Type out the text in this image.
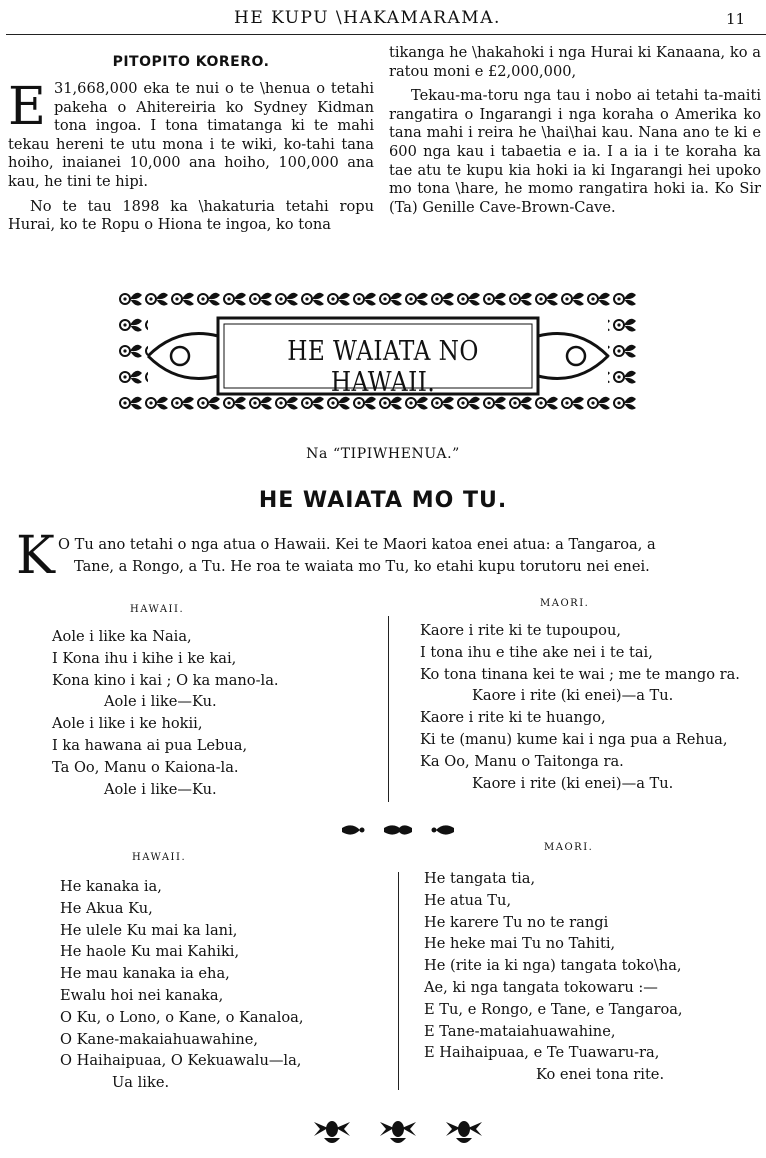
HE KUPU \HAKAMARAMA.	11
PITOPITO KORERO.

E 31,668,000 eka te nui o te \henua o tetahi pakeha o Ahitereiria ko Sydney Kidman tona ingoa. I tona timatanga ki te mahi tekau hereni te utu mona i te wiki, ko-tahi tana hoiho, inaianei 10,000 ana hoiho, 100,000 ana kau, he tini te hipi.

No te tau 1898 ka \hakaturia tetahi ropu Hurai, ko te Ropu o Hiona te ingoa, ko tona

tikanga he \hakahoki i nga Hurai ki Kanaana, ko a ratou moni e £2,000,000,

Tekau-ma-toru nga tau i nobo ai tetahi ta-maiti rangatira o Ingarangi i nga koraha o Amerika ko tana mahi i reira he \hai\hai kau. Nana ano te ki e 600 nga kau i tabaetia e ia. I a ia i te koraha ka tae atu te kupu kia hoki ia ki Ingarangi hei upoko mo tona \hare, he momo rangatira hoki ia. Ko Sir (Ta) Genille Cave-Brown-Cave.

HE WAIATA NO HAWAII.
Na “TIPIWHENUA.”
HE WAIATA MO TU.
K O Tu ano tetahi o nga atua o Hawaii. Kei te Maori katoa enei atua: a Tangaroa, a
Tane, a Rongo, a Tu. He roa te waiata mo Tu, ko etahi kupu torutoru nei enei.
HAWAII.
MAORI.
Aole i like ka Naia,
I Kona ihu i kihe i ke kai,
Kona kino i kai ; O ka mano-la.
Aole i like—Ku.
Aole i like i ke hokii,
I ka hawana ai pua Lebua,
Ta Oo, Manu o Kaiona-la.
Aole i like—Ku.
Kaore i rite ki te tupoupou,
I tona ihu e tihe ake nei i te tai,
Ko tona tinana kei te wai ; me te mango ra.
Kaore i rite (ki enei)—a Tu.
Kaore i rite ki te huango,
Ki te (manu) kume kai i nga pua a Rehua,
Ka Oo, Manu o Taitonga ra.
Kaore i rite (ki enei)—a Tu.
HAWAII.
MAORI.
He kanaka ia,
He Akua Ku,
He ulele Ku mai ka lani,
He haole Ku mai Kahiki,
He mau kanaka ia eha,
Ewalu hoi nei kanaka,
O Ku, o Lono, o Kane, o Kanaloa,
O Kane-makaiahuawahine,
O Haihaipuaa, O Kekuawalu—la,
Ua like.
He tangata tia,
He atua Tu,
He karere Tu no te rangi
He heke mai Tu no Tahiti,
He (rite ia ki nga) tangata toko\ha,
Ae, ki nga tangata tokowaru :—
E Tu, e Rongo, e Tane, e Tangaroa,
E Tane-mataiahuawahine,
E Haihaipuaa, e Te Tuawaru-ra,
Ko enei tona rite.
